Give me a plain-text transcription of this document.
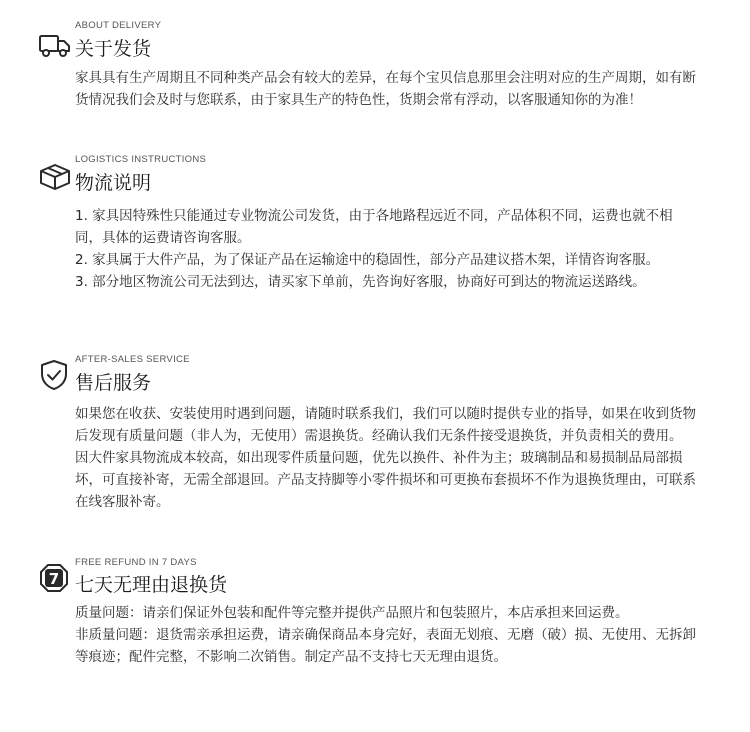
ABOUT DELIVERY
关于发货

家具具有生产周期且不同种类产品会有较大的差异，在每个宝贝信息那里会注明对应的生产周期，如有断货情况我们会及时与您联系，由于家具生产的特色性，货期会常有浮动，以客服通知你的为准！

LOGISTICS INSTRUCTIONS
物流说明

1. 家具因特殊性只能通过专业物流公司发货，由于各地路程远近不同，产品体积不同，运费也就不相同，具体的运费请咨询客服。

2. 家具属于大件产品，为了保证产品在运输途中的稳固性，部分产品建议搭木架，详情咨询客服。

3. 部分地区物流公司无法到达，请买家下单前，先咨询好客服，协商好可到达的物流运送路线。

AFTER-SALES SERVICE
售后服务

如果您在收获、安装使用时遇到问题，请随时联系我们，我们可以随时提供专业的指导，如果在收到货物后发现有质量问题（非人为，无使用）需退换货。经确认我们无条件接受退换货，并负责相关的费用。

因大件家具物流成本较高，如出现零件质量问题，优先以换件、补件为主；玻璃制品和易损制品局部损坏，可直接补寄，无需全部退回。产品支持脚等小零件损坏和可更换布套损坏不作为退换货理由，可联系在线客服补寄。

7
FREE REFUND IN 7 DAYS
七天无理由退换货

质量问题：请亲们保证外包装和配件等完整并提供产品照片和包装照片，本店承担来回运费。

非质量问题：退货需亲承担运费，请亲确保商品本身完好，表面无划痕、无磨（破）损、无使用、无拆卸等痕迹；配件完整，不影响二次销售。制定产品不支持七天无理由退货。
